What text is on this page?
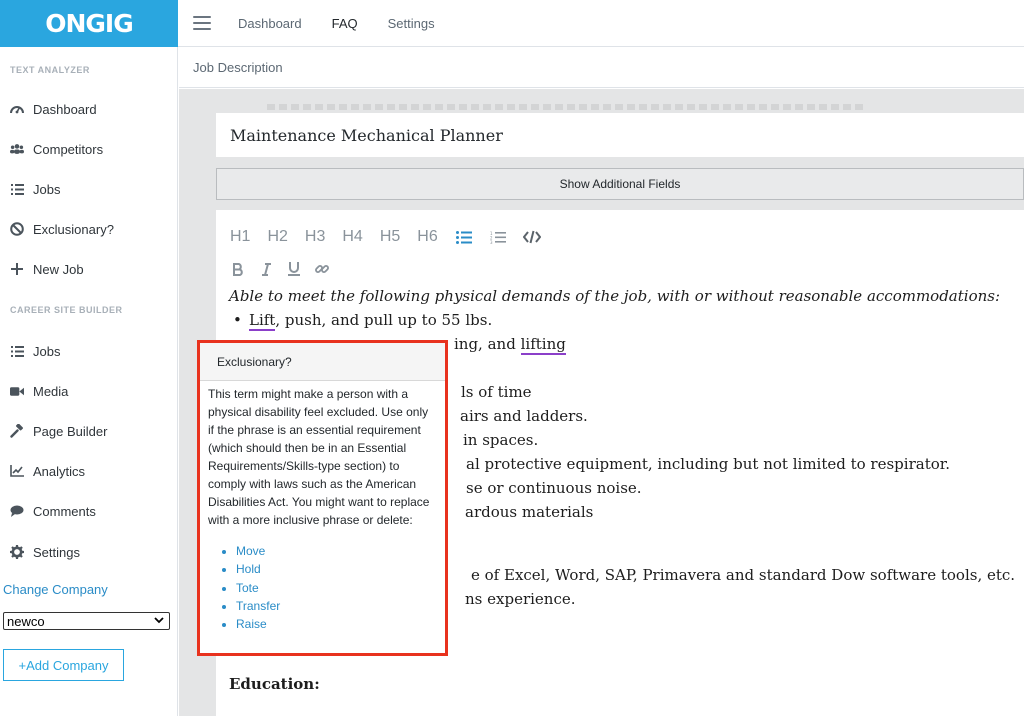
ONGIG	Dashboard FAQ Settings
TEXT ANALYZER
Dashboard
Competitors
Jobs
Exclusionary?
New Job
CAREER SITE BUILDER
Jobs
Media
Page Builder
Analytics
Comments
Settings
Change Company
newco
+Add Company
Job Description
Maintenance Mechanical Planner
Show Additional Fields
H1 H2 H3 H4 H5 H6	1
2
3
Able to meet the following physical demands of the job, with or without reasonable accommodations:
• Lift, push, and pull up to 55 lbs.
ing, and lifting
ls of time
airs and ladders.
in spaces.
al protective equipment, including but not limited to respirator.
se or continuous noise.
ardous materials
e of Excel, Word, SAP, Primavera and standard Dow software tools, etc.
ns experience.
Education:
Exclusionary?
This term might make a person with a physical disability feel excluded. Use only if the phrase is an essential requirement (which should then be in an Essential Requirements/Skills-type section) to comply with laws such as the American Disabilities Act. You might want to replace with a more inclusive phrase or delete:
• Move
• Hold
• Tote
• Transfer
• Raise
